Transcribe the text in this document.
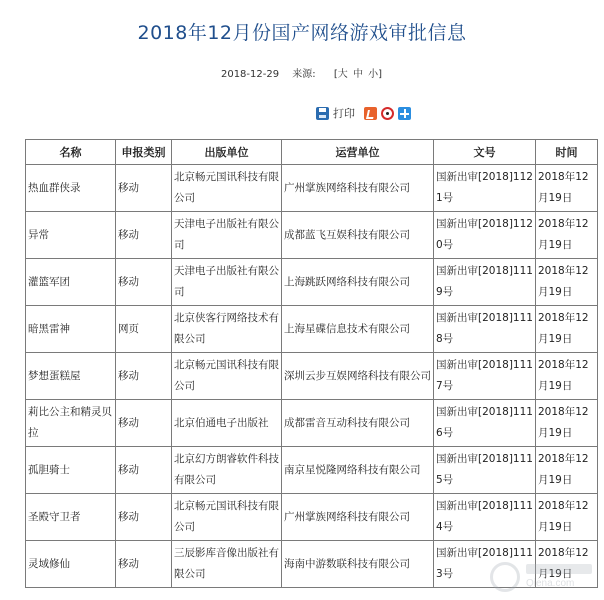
2018年12月份国产网络游戏审批信息
2018-12-29 来源: [大 中 小]
打印
名称	申报类别	出版单位	运营单位	文号	时间
热血群侠录	移动	北京畅元国讯科技有限公司	广州掌族网络科技有限公司	国新出审[2018]1121号	2018年12月19日
异常	移动	天津电子出版社有限公司	成都蓝飞互娱科技有限公司	国新出审[2018]1120号	2018年12月19日
灌篮军团	移动	天津电子出版社有限公司	上海跳跃网络科技有限公司	国新出审[2018]1119号	2018年12月19日
暗黑雷神	网页	北京侠客行网络技术有限公司	上海星碟信息技术有限公司	国新出审[2018]1118号	2018年12月19日
梦想蛋糕屋	移动	北京畅元国讯科技有限公司	深圳云步互娱网络科技有限公司	国新出审[2018]1117号	2018年12月19日
莉比公主和精灵贝拉	移动	北京伯通电子出版社	成都雷音互动科技有限公司	国新出审[2018]1116号	2018年12月19日
孤胆骑士	移动	北京幻方朗睿软件科技有限公司	南京星悦隆网络科技有限公司	国新出审[2018]1115号	2018年12月19日
圣殿守卫者	移动	北京畅元国讯科技有限公司	广州掌族网络科技有限公司	国新出审[2018]1114号	2018年12月19日
灵域修仙	移动	三辰影库音像出版社有限公司	海南中游数联科技有限公司	国新出审[2018]1113号	2018年12月19日
Qiena.com
